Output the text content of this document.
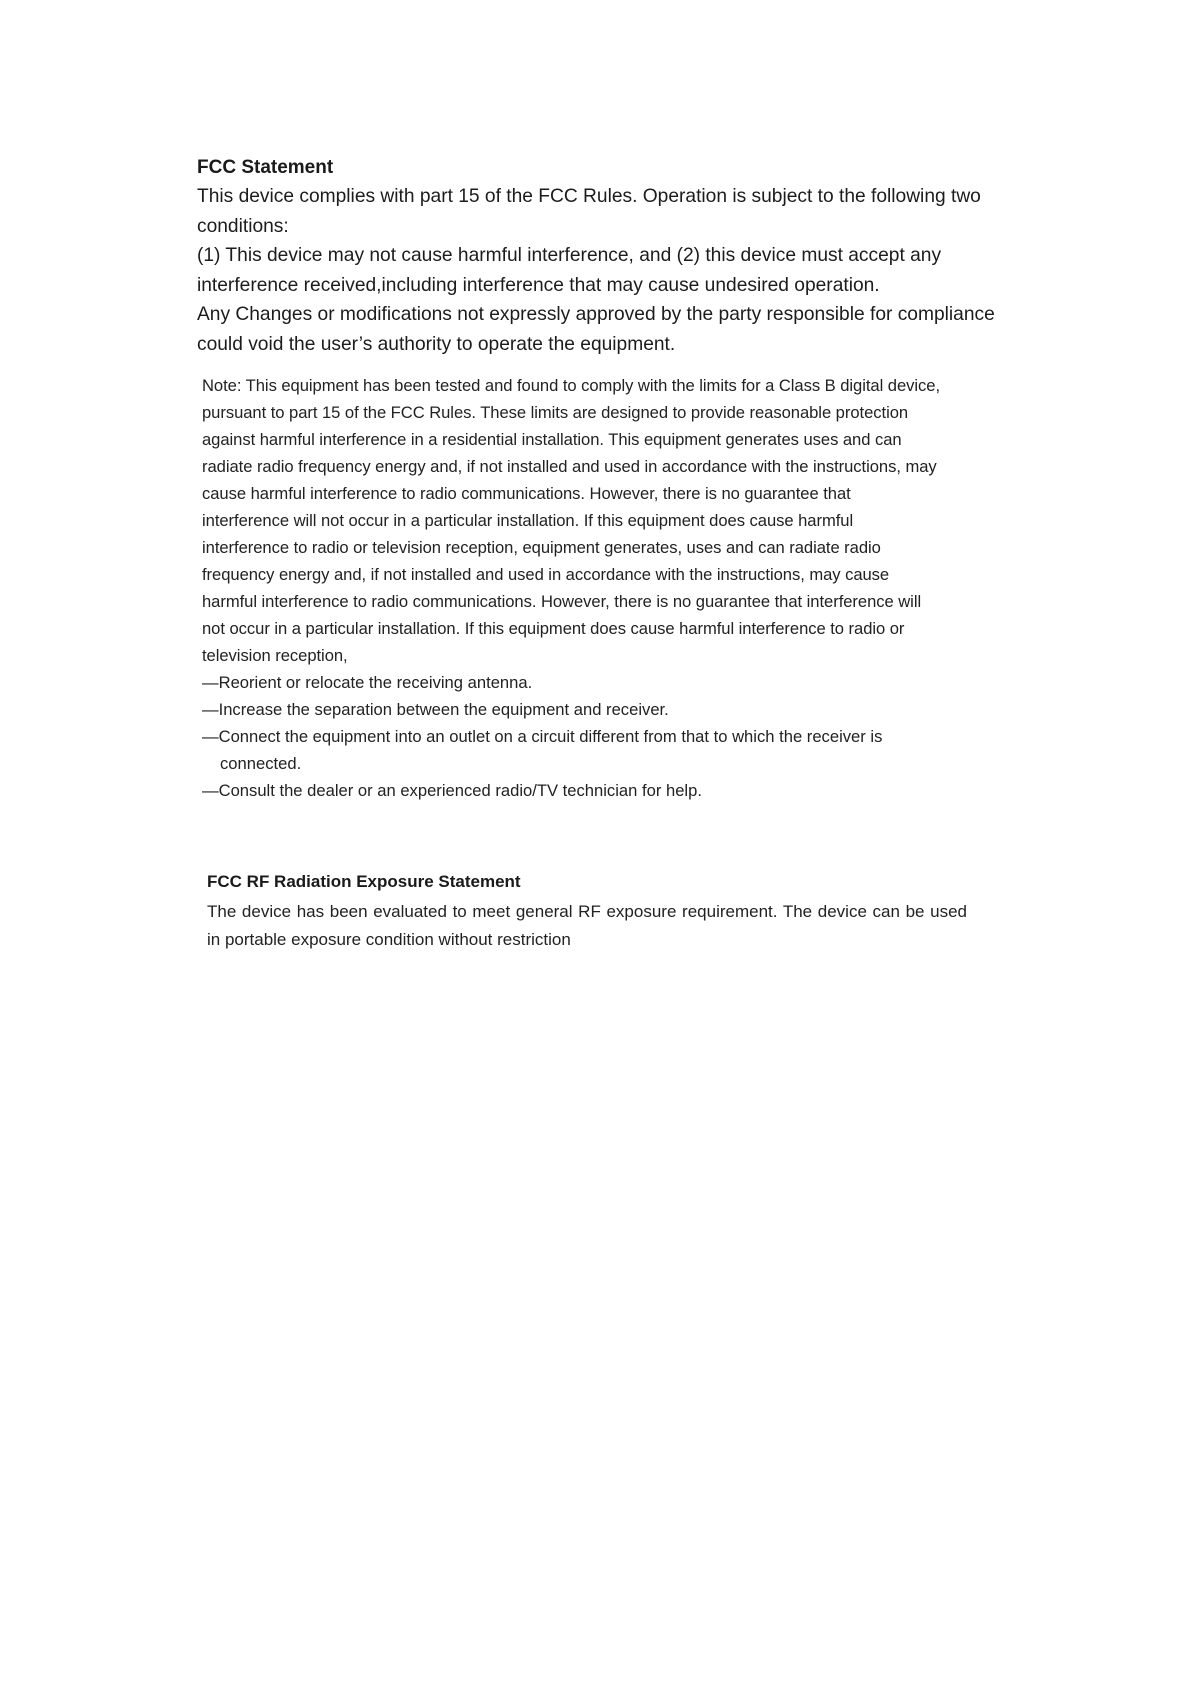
FCC Statement

This device complies with part 15 of the FCC Rules. Operation is subject to the following two conditions:

(1) This device may not cause harmful interference, and (2) this device must accept any interference received,including interference that may cause undesired operation.

Any Changes or modifications not expressly approved by the party responsible for compliance could void the user’s authority to operate the equipment.

Note: This equipment has been tested and found to comply with the limits for a Class B digital device, pursuant to part 15 of the FCC Rules. These limits are designed to provide reasonable protection against harmful interference in a residential installation. This equipment generates uses and can radiate radio frequency energy and, if not installed and used in accordance with the instructions, may cause harmful interference to radio communications. However, there is no guarantee that interference will not occur in a particular installation. If this equipment does cause harmful interference to radio or television reception, equipment generates, uses and can radiate radio frequency energy and, if not installed and used in accordance with the instructions, may cause harmful interference to radio communications. However, there is no guarantee that interference will not occur in a particular installation. If this equipment does cause harmful interference to radio or television reception,

—Reorient or relocate the receiving antenna.

—Increase the separation between the equipment and receiver.

—Connect the equipment into an outlet on a circuit different from that to which the receiver is connected.

—Consult the dealer or an experienced radio/TV technician for help.

FCC RF Radiation Exposure Statement

The device has been evaluated to meet general RF exposure requirement. The device can be used in portable exposure condition without restriction
